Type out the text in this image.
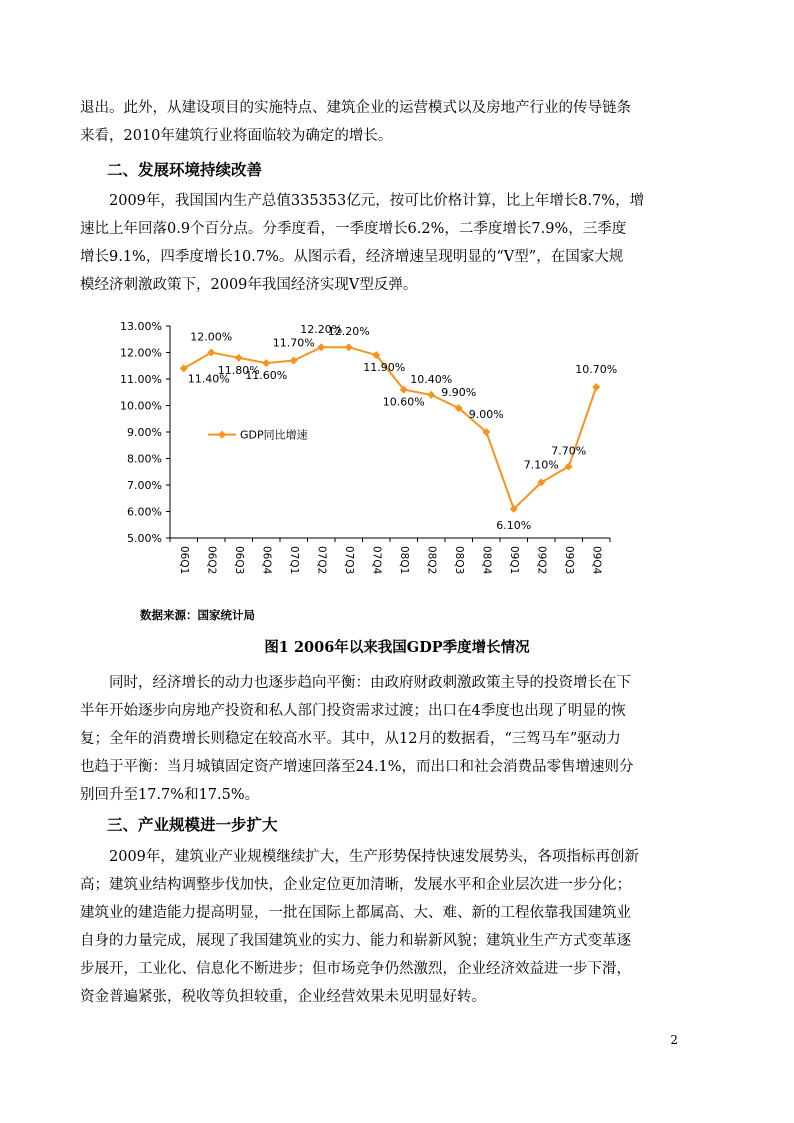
退出。此外，从建设项目的实施特点、建筑企业的运营模式以及房地产行业的传导链条
来看，2010年建筑行业将面临较为确定的增长。
二、发展环境持续改善
2009年，我国国内生产总值335353亿元，按可比价格计算，比上年增长8.7%，增
速比上年回落0.9个百分点。分季度看，一季度增长6.2%，二季度增长7.9%，三季度
增长9.1%，四季度增长10.7%。从图示看，经济增速呈现明显的“V型”，在国家大规
模经济刺激政策下，2009年我国经济实现V型反弹。
5.00%
6.00%
7.00%
8.00%
9.00%
10.00%
11.00%
12.00%
13.00%
06Q1 06Q2 06Q3 06Q4 07Q1 07Q2 07Q3 07Q4 08Q1 08Q2 08Q3 08Q4 09Q1 09Q2 09Q3 09Q4
11.40%
12.00%
11.80%
11.60%
11.70%
12.20%
12.20%
11.90%
10.60%
10.40%
9.90%
9.00%
6.10%
7.10%
7.70%
10.70%
GDP同比增速

数据来源：国家统计局

图1 2006年以来我国GDP季度增长情况

同时，经济增长的动力也逐步趋向平衡：由政府财政刺激政策主导的投资增长在下
半年开始逐步向房地产投资和私人部门投资需求过渡；出口在4季度也出现了明显的恢
复；全年的消费增长则稳定在较高水平。其中，从12月的数据看，“三驾马车”驱动力
也趋于平衡：当月城镇固定资产增速回落至24.1%，而出口和社会消费品零售增速则分
别回升至17.7%和17.5%。
三、产业规模进一步扩大
2009年，建筑业产业规模继续扩大，生产形势保持快速发展势头，各项指标再创新
高；建筑业结构调整步伐加快，企业定位更加清晰，发展水平和企业层次进一步分化；
建筑业的建造能力提高明显，一批在国际上都属高、大、难、新的工程依靠我国建筑业
自身的力量完成，展现了我国建筑业的实力、能力和崭新风貌；建筑业生产方式变革逐
步展开，工业化、信息化不断进步；但市场竞争仍然激烈，企业经济效益进一步下滑，
资金普遍紧张，税收等负担较重，企业经营效果未见明显好转。

2
